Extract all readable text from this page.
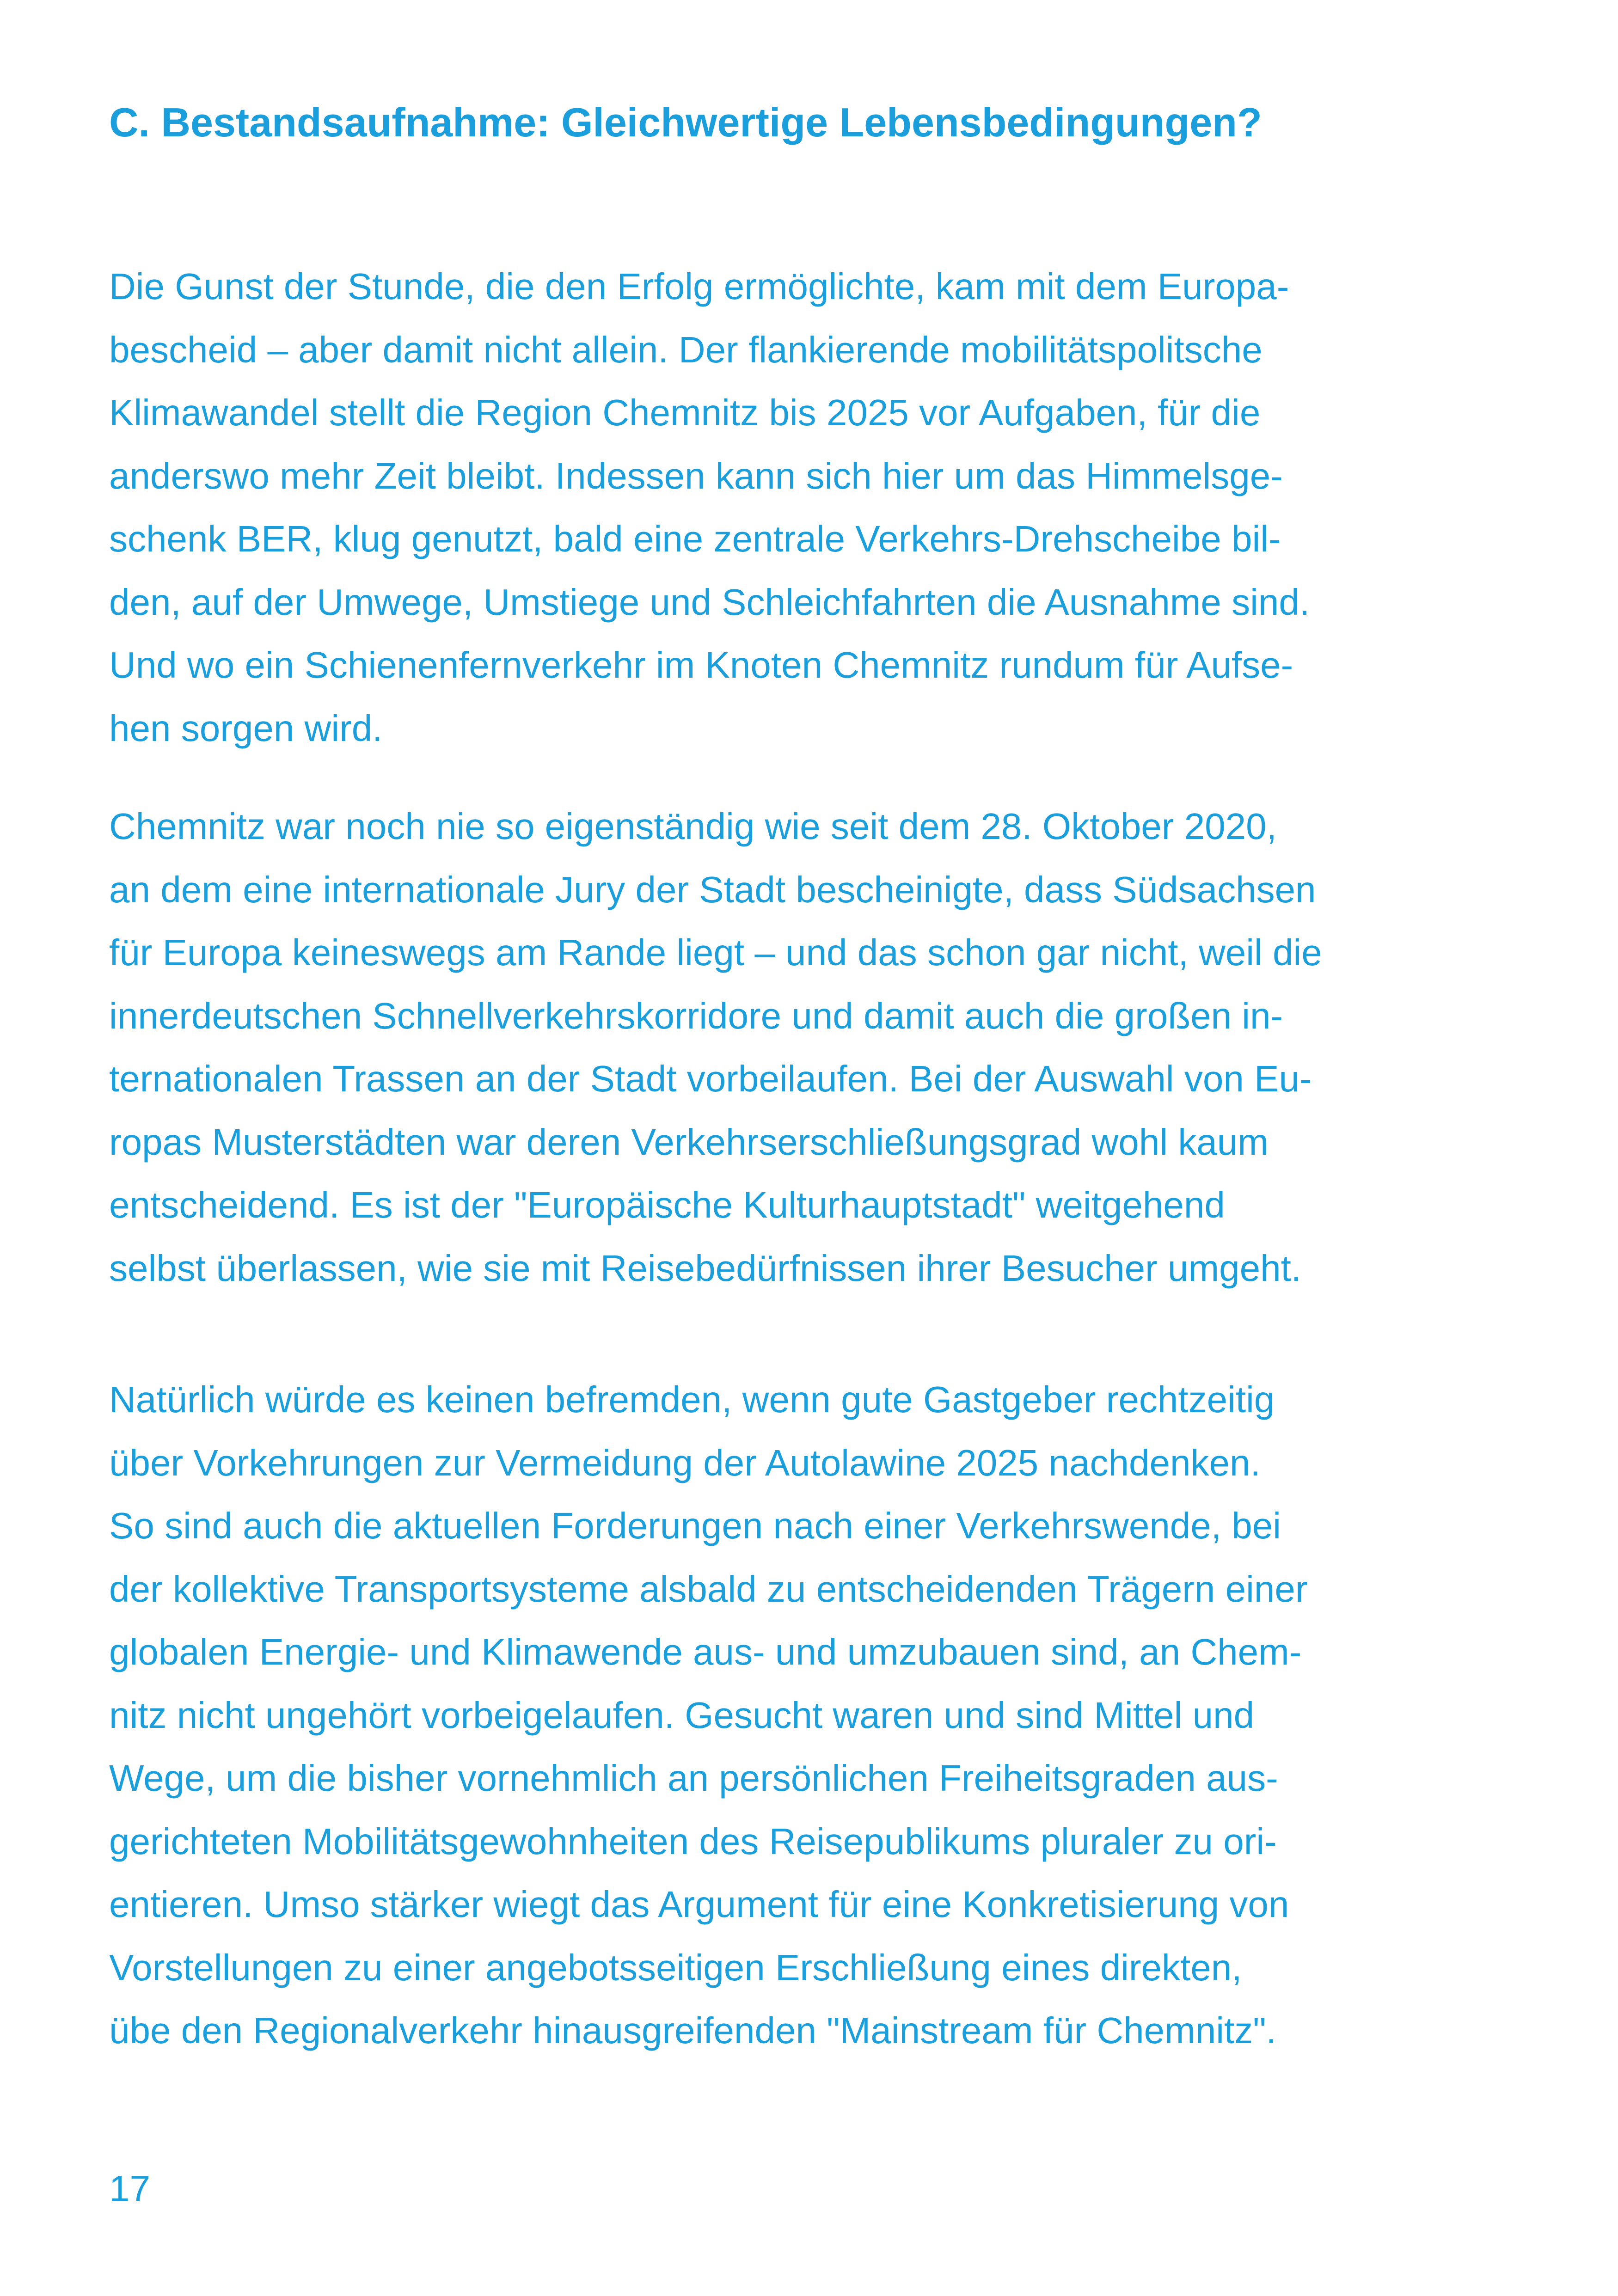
C. Bestandsaufnahme: Gleichwertige Lebensbedingungen?

Die Gunst der Stunde, die den Erfolg ermöglichte, kam mit dem Europa-
bescheid – aber damit nicht allein. Der flankierende mobilitätspolitsche
Klimawandel stellt die Region Chemnitz bis 2025 vor Aufgaben, für die
anderswo mehr Zeit bleibt. Indessen kann sich hier um das Himmelsge-
schenk BER, klug genutzt, bald eine zentrale Verkehrs-Drehscheibe bil-
den, auf der Umwege, Umstiege und Schleichfahrten die Ausnahme sind.
Und wo ein Schienenfernverkehr im Knoten Chemnitz rundum für Aufse-
hen sorgen wird.

Chemnitz war noch nie so eigenständig wie seit dem 28. Oktober 2020,
an dem eine internationale Jury der Stadt bescheinigte, dass Südsachsen
für Europa keineswegs am Rande liegt – und das schon gar nicht, weil die
innerdeutschen Schnellverkehrskorridore und damit auch die großen in-
ternationalen Trassen an der Stadt vorbeilaufen. Bei der Auswahl von Eu-
ropas Musterstädten war deren Verkehrserschließungsgrad wohl kaum
entscheidend. Es ist der "Europäische Kulturhauptstadt" weitgehend
selbst überlassen, wie sie mit Reisebedürfnissen ihrer Besucher umgeht.

Natürlich würde es keinen befremden, wenn gute Gastgeber rechtzeitig
über Vorkehrungen zur Vermeidung der Autolawine 2025 nachdenken.
So sind auch die aktuellen Forderungen nach einer Verkehrswende, bei
der kollektive Transportsysteme alsbald zu entscheidenden Trägern einer
globalen Energie- und Klimawende aus- und umzubauen sind, an Chem-
nitz nicht ungehört vorbeigelaufen. Gesucht waren und sind Mittel und
Wege, um die bisher vornehmlich an persönlichen Freiheitsgraden aus-
gerichteten Mobilitätsgewohnheiten des Reisepublikums pluraler zu ori-
entieren. Umso stärker wiegt das Argument für eine Konkretisierung von
Vorstellungen zu einer angebotsseitigen Erschließung eines direkten,
übe den Regionalverkehr hinausgreifenden "Mainstream für Chemnitz".

17
